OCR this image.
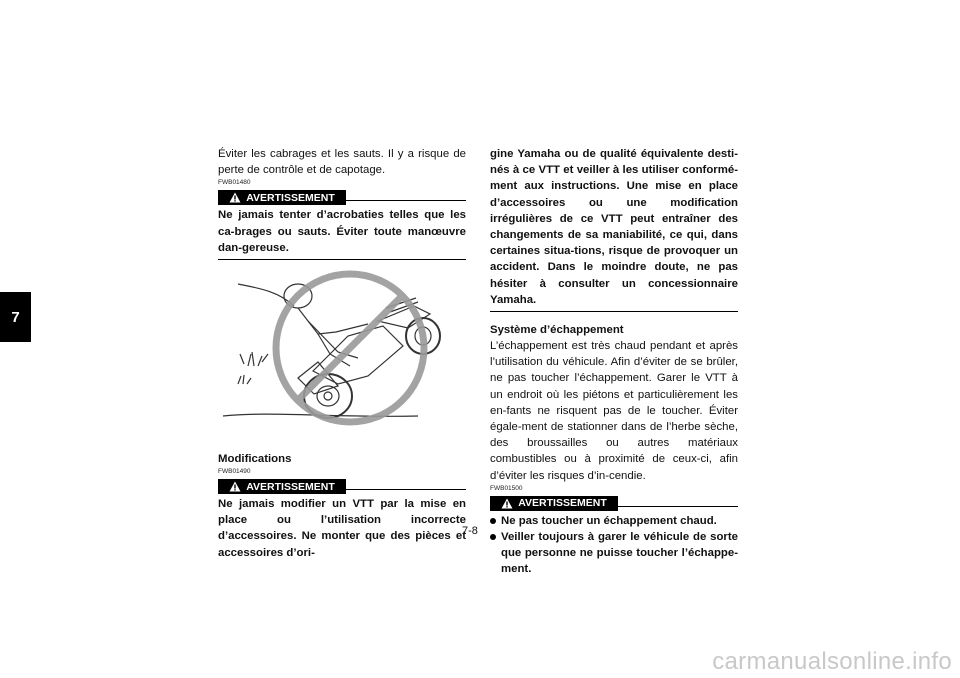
7

Éviter les cabrages et les sauts. Il y a risque de perte de contrôle et de capotage.

FWB01480
AVERTISSEMENT

Ne jamais tenter d’acrobaties telles que les ca-brages ou sauts. Éviter toute manœuvre dan-gereuse.

Modifications

FWB01490
AVERTISSEMENT

Ne jamais modifier un VTT par la mise en place ou l’utilisation incorrecte d’accessoires. Ne monter que des pièces et accessoires d’ori-

gine Yamaha ou de qualité équivalente desti-nés à ce VTT et veiller à les utiliser conformé-ment aux instructions. Une mise en place d’accessoires ou une modification irrégulières de ce VTT peut entraîner des changements de sa maniabilité, ce qui, dans certaines situa-tions, risque de provoquer un accident. Dans le moindre doute, ne pas hésiter à consulter un concessionnaire Yamaha.

Système d’échappement

L’échappement est très chaud pendant et après l’utilisation du véhicule. Afin d’éviter de se brûler, ne pas toucher l’échappement. Garer le VTT à un endroit où les piétons et particulièrement les en-fants ne risquent pas de le toucher. Éviter égale-ment de stationner dans de l’herbe sèche, des broussailles ou autres matériaux combustibles ou à proximité de ceux-ci, afin d’éviter les risques d’in-cendie.

FWB01500
AVERTISSEMENT
Ne pas toucher un échappement chaud.
Veiller toujours à garer le véhicule de sorte que personne ne puisse toucher l’échappe-ment.
7-8
carmanualsonline.info
